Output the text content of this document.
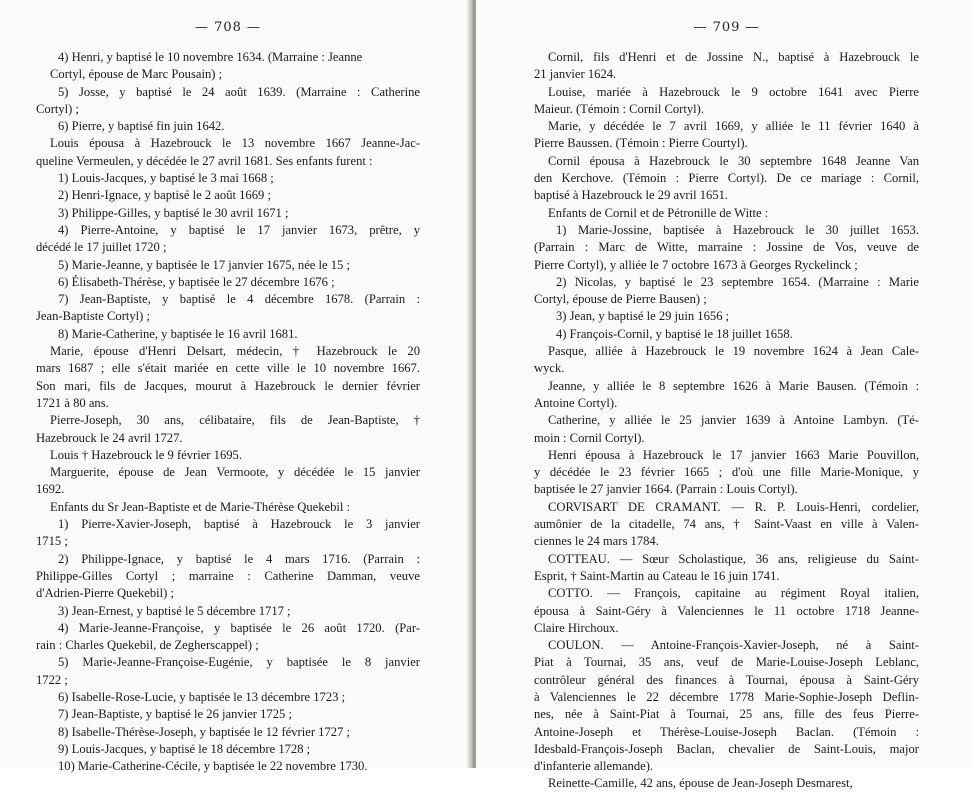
— 708 —
4) Henri, y baptisé le 10 novembre 1634. (Marraine : Jeanne
Cortyl, épouse de Marc Pousain) ;
5) Josse, y baptisé le 24 août 1639. (Marraine : Catherine
Cortyl) ;
6) Pierre, y baptisé fin juin 1642.
Louis épousa à Hazebrouck le 13 novembre 1667 Jeanne-Jac-
queline Vermeulen, y décédée le 27 avril 1681. Ses enfants furent :
1) Louis-Jacques, y baptisé le 3 mai 1668 ;
2) Henri-Ignace, y baptisé le 2 août 1669 ;
3) Philippe-Gilles, y baptisé le 30 avril 1671 ;
4) Pierre-Antoine, y baptisé le 17 janvier 1673, prêtre, y
décédé le 17 juillet 1720 ;
5) Marie-Jeanne, y baptisée le 17 janvier 1675, née le 15 ;
6) Élisabeth-Thérèse, y baptisée le 27 décembre 1676 ;
7) Jean-Baptiste, y baptisé le 4 décembre 1678. (Parrain :
Jean-Baptiste Cortyl) ;
8) Marie-Catherine, y baptisée le 16 avril 1681.
Marie, épouse d'Henri Delsart, médecin, † Hazebrouck le 20
mars 1687 ; elle s'était mariée en cette ville le 10 novembre 1667.
Son mari, fils de Jacques, mourut à Hazebrouck le dernier février
1721 à 80 ans.
Pierre-Joseph, 30 ans, célibataire, fils de Jean-Baptiste, †
Hazebrouck le 24 avril 1727.
Louis † Hazebrouck le 9 février 1695.
Marguerite, épouse de Jean Vermoote, y décédée le 15 janvier
1692.
Enfants du Sr Jean-Baptiste et de Marie-Thérèse Quekebil :
1) Pierre-Xavier-Joseph, baptisé à Hazebrouck le 3 janvier
1715 ;
2) Philippe-Ignace, y baptisé le 4 mars 1716. (Parrain :
Philippe-Gilles Cortyl ; marraine : Catherine Damman, veuve
d'Adrien-Pierre Quekebil) ;
3) Jean-Ernest, y baptisé le 5 décembre 1717 ;
4) Marie-Jeanne-Françoise, y baptisée le 26 août 1720. (Par-
rain : Charles Quekebil, de Zegherscappel) ;
5) Marie-Jeanne-Françoise-Eugénie, y baptisée le 8 janvier
1722 ;
6) Isabelle-Rose-Lucie, y baptisée le 13 décembre 1723 ;
7) Jean-Baptiste, y baptisé le 26 janvier 1725 ;
8) Isabelle-Thérèse-Joseph, y baptisée le 12 février 1727 ;
9) Louis-Jacques, y baptisé le 18 décembre 1728 ;
10) Marie-Catherine-Cécile, y baptisée le 22 novembre 1730.
— 709 —
Cornil, fils d'Henri et de Jossine N., baptisé à Hazebrouck le
21 janvier 1624.
Louise, mariée à Hazebrouck le 9 octobre 1641 avec Pierre
Maieur. (Témoin : Cornil Cortyl).
Marie, y décédée le 7 avril 1669, y alliée le 11 février 1640 à
Pierre Baussen. (Témoin : Pierre Courtyl).
Cornil épousa à Hazebrouck le 30 septembre 1648 Jeanne Van
den Kerchove. (Témoin : Pierre Cortyl). De ce mariage : Cornil,
baptisé à Hazebrouck le 29 avril 1651.
Enfants de Cornil et de Pétronille de Witte :
1) Marie-Jossine, baptisée à Hazebrouck le 30 juillet 1653.
(Parrain : Marc de Witte, marraine : Jossine de Vos, veuve de
Pierre Cortyl), y alliée le 7 octobre 1673 à Georges Ryckelinck ;
2) Nicolas, y baptisé le 23 septembre 1654. (Marraine : Marie
Cortyl, épouse de Pierre Bausen) ;
3) Jean, y baptisé le 29 juin 1656 ;
4) François-Cornil, y baptisé le 18 juillet 1658.
Pasque, alliée à Hazebrouck le 19 novembre 1624 à Jean Cale-
wyck.
Jeanne, y alliée le 8 septembre 1626 à Marie Bausen. (Témoin :
Antoine Cortyl).
Catherine, y alliée le 25 janvier 1639 à Antoine Lambyn. (Té-
moin : Cornil Cortyl).
Henri épousa à Hazebrouck le 17 janvier 1663 Marie Pouvillon,
y décédée le 23 février 1665 ; d'où une fille Marie-Monique, y
baptisée le 27 janvier 1664. (Parrain : Louis Cortyl).
CORVISART DE CRAMANT. — R. P. Louis-Henri, cordelier,
aumônier de la citadelle, 74 ans, † Saint-Vaast en ville à Valen-
ciennes le 24 mars 1784.
COTTEAU. — Sœur Scholastique, 36 ans, religieuse du Saint-
Esprit, † Saint-Martin au Cateau le 16 juin 1741.
COTTO. — François, capitaine au régiment Royal italien,
épousa à Saint-Géry à Valenciennes le 11 octobre 1718 Jeanne-
Claire Hirchoux.
COULON. — Antoine-François-Xavier-Joseph, né à Saint-
Piat à Tournai, 35 ans, veuf de Marie-Louise-Joseph Leblanc,
contrôleur général des finances à Tournai, épousa à Saint-Géry
à Valenciennes le 22 décembre 1778 Marie-Sophie-Joseph Deflin-
nes, née à Saint-Piat à Tournai, 25 ans, fille des feus Pierre-
Antoine-Joseph et Thérèse-Louise-Joseph Baclan. (Témoin :
Idesbald-François-Joseph Baclan, chevalier de Saint-Louis, major
d'infanterie allemande).
Reinette-Camille, 42 ans, épouse de Jean-Joseph Desmarest,
